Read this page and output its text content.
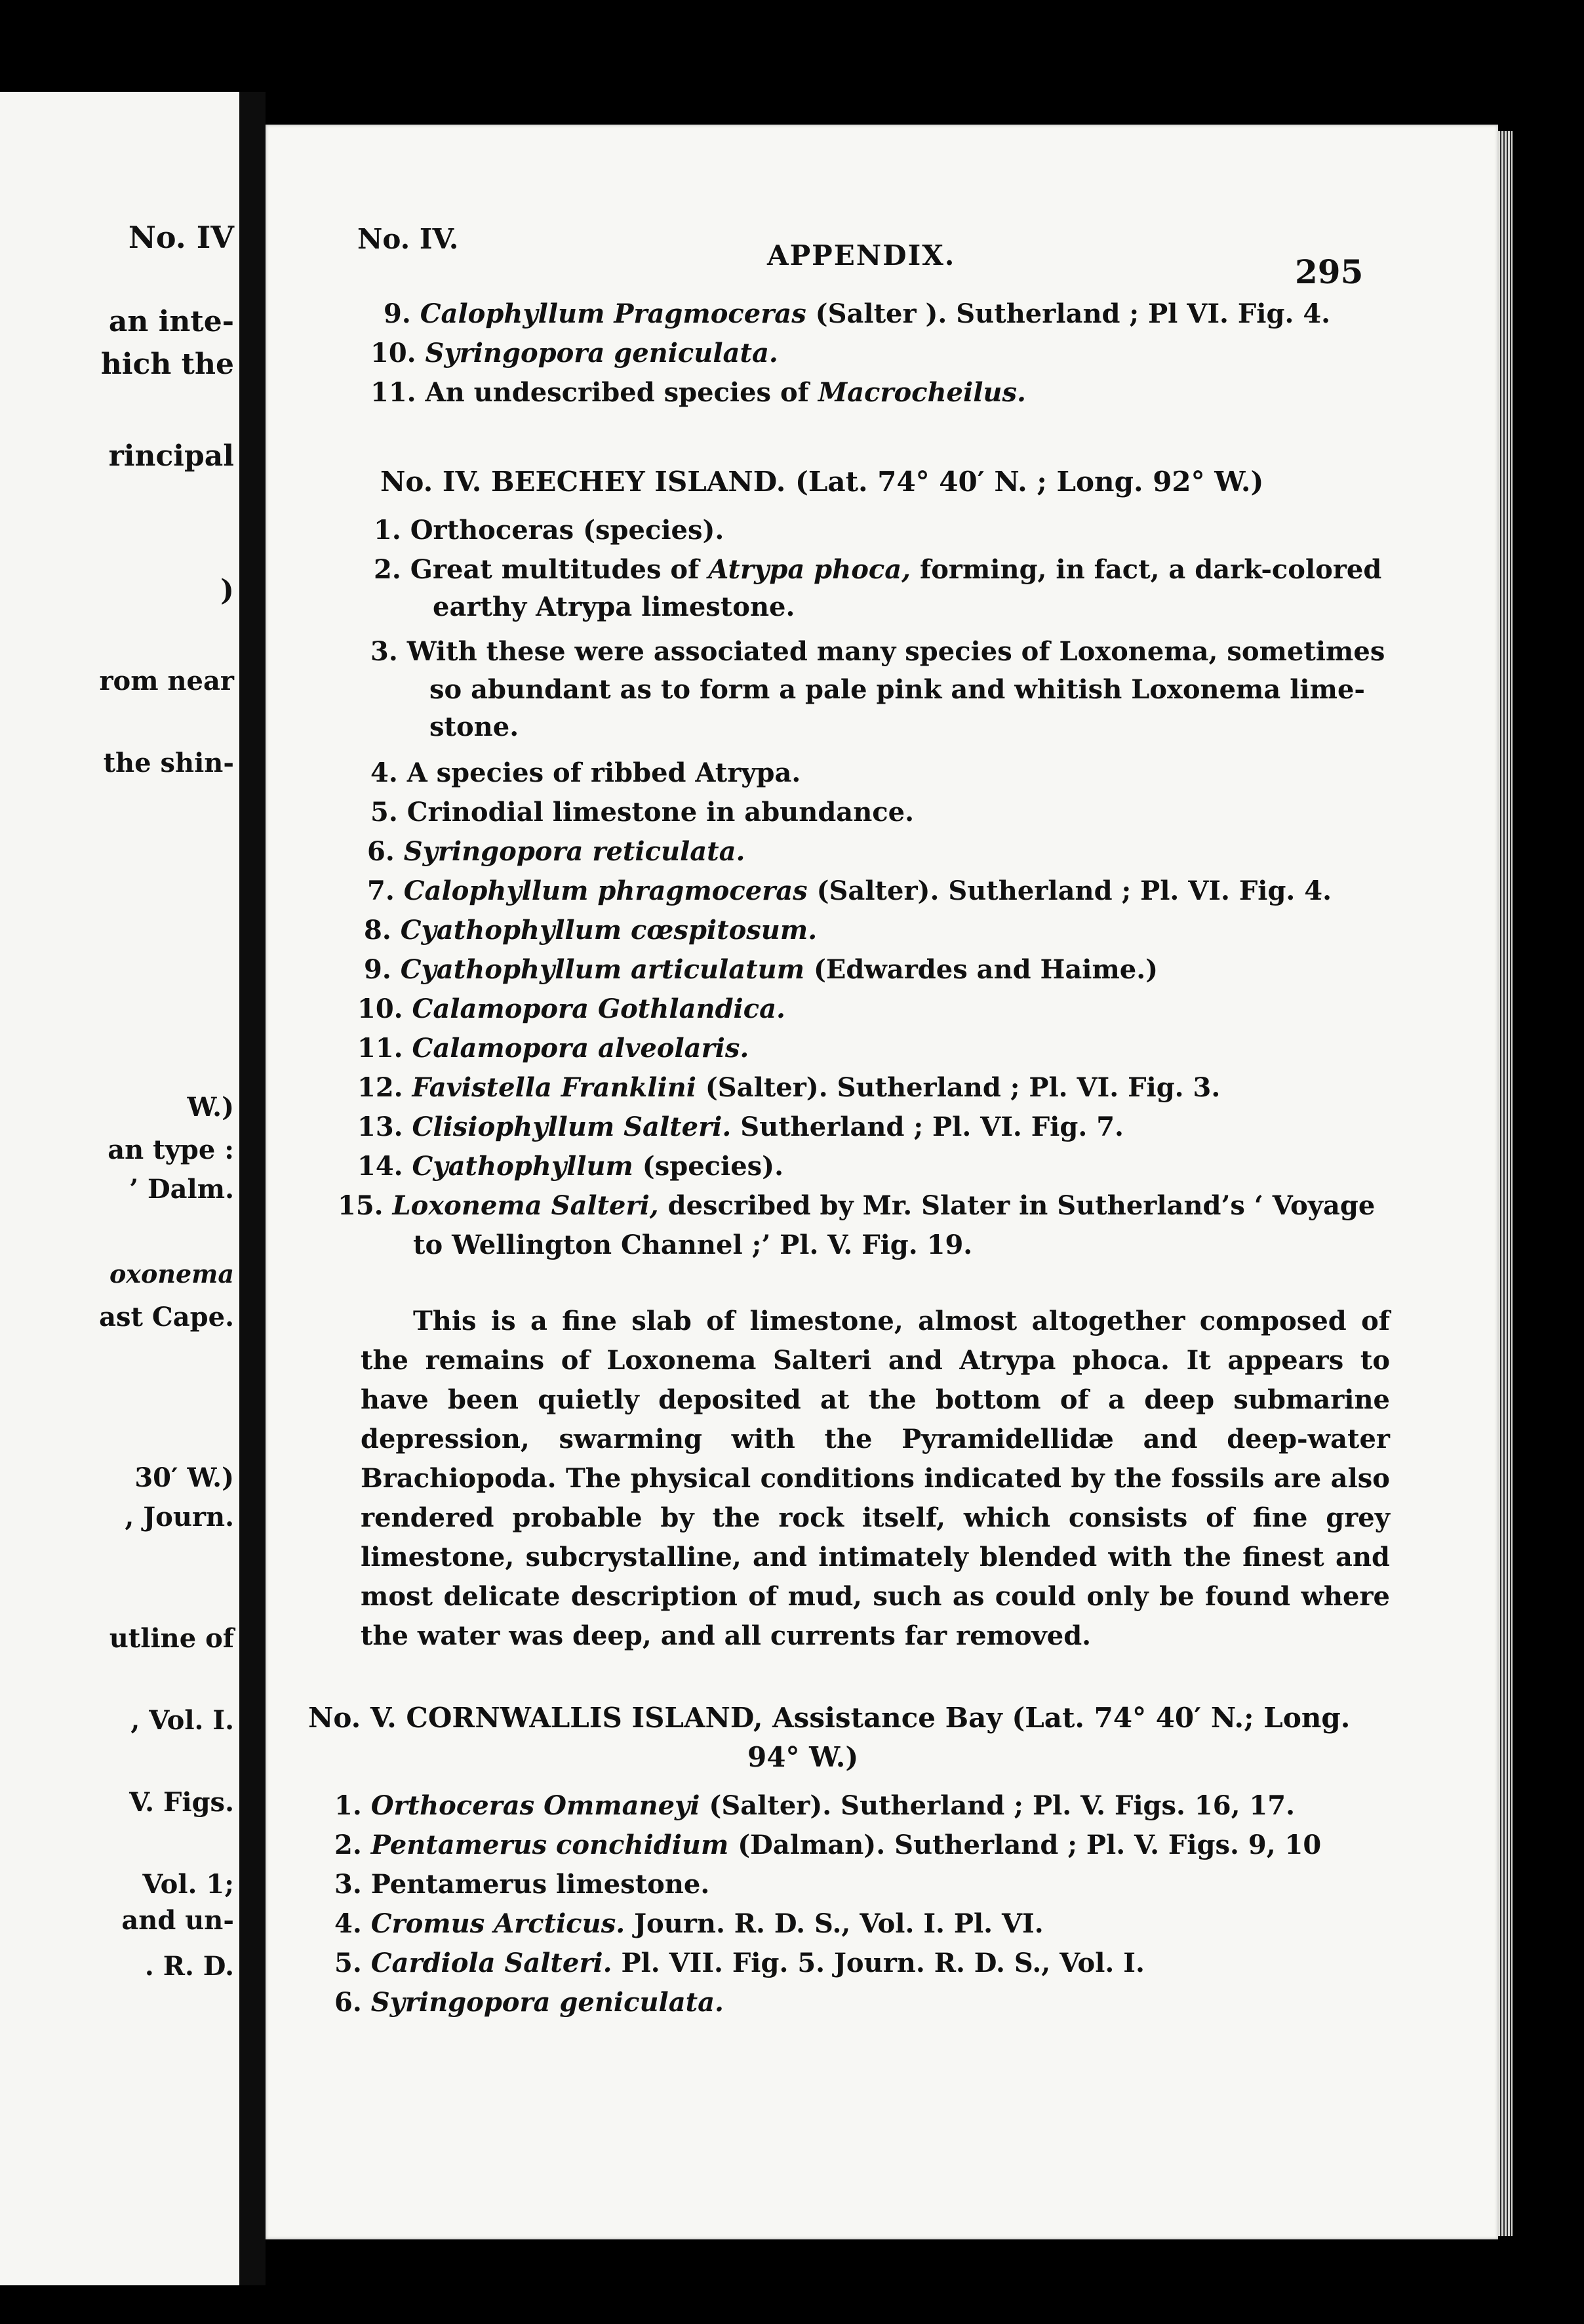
No. IV
an inte-
hich the
rincipal
)
rom near
the shin-
W.)
an type :
’ Dalm.
oxonema
ast Cape.
30′ W.)
, Journ.
utline of
, Vol. I.
V. Figs.
Vol. 1;
and un-
. R. D.
No. IV.
APPENDIX.	295
9. Calophyllum Pragmoceras (Salter ). Sutherland ; Pl VI. Fig. 4.
10. Syringopora geniculata.
11. An undescribed species of Macrocheilus.
No. IV. BEECHEY ISLAND. (Lat. 74° 40′ N. ; Long. 92° W.)
1. Orthoceras (species).
2. Great multitudes of Atrypa phoca, forming, in fact, a dark-colored
earthy Atrypa limestone.
3. With these were associated many species of Loxonema, sometimes
so abundant as to form a pale pink and whitish Loxonema lime-
stone.
4. A species of ribbed Atrypa.
5. Crinodial limestone in abundance.
6. Syringopora reticulata.
7. Calophyllum phragmoceras (Salter). Sutherland ; Pl. VI. Fig. 4.
8. Cyathophyllum cœspitosum.
9. Cyathophyllum articulatum (Edwardes and Haime.)
10. Calamopora Gothlandica.
11. Calamopora alveolaris.
12. Favistella Franklini (Salter). Sutherland ; Pl. VI. Fig. 3.
13. Clisiophyllum Salteri. Sutherland ; Pl. VI. Fig. 7.
14. Cyathophyllum (species).
15. Loxonema Salteri, described by Mr. Slater in Sutherland’s ‘ Voyage
to Wellington Channel ;’ Pl. V. Fig. 19.
This is a fine slab of limestone, almost altogether composed of the remains of Loxonema Salteri and Atrypa phoca. It appears to have been quietly deposited at the bottom of a deep submarine depression, swarming with the Pyramidellidæ and deep-water Brachiopoda. The physical conditions indicated by the fossils are also rendered probable by the rock itself, which consists of fine grey limestone, subcrystalline, and intimately blended with the finest and most delicate description of mud, such as could only be found where the water was deep, and all currents far removed.
No. V. CORNWALLIS ISLAND, Assistance Bay (Lat. 74° 40′ N.; Long.
94° W.)
1. Orthoceras Ommaneyi (Salter). Sutherland ; Pl. V. Figs. 16, 17.
2. Pentamerus conchidium (Dalman). Sutherland ; Pl. V. Figs. 9, 10
3. Pentamerus limestone.
4. Cromus Arcticus. Journ. R. D. S., Vol. I. Pl. VI.
5. Cardiola Salteri. Pl. VII. Fig. 5. Journ. R. D. S., Vol. I.
6. Syringopora geniculata.
